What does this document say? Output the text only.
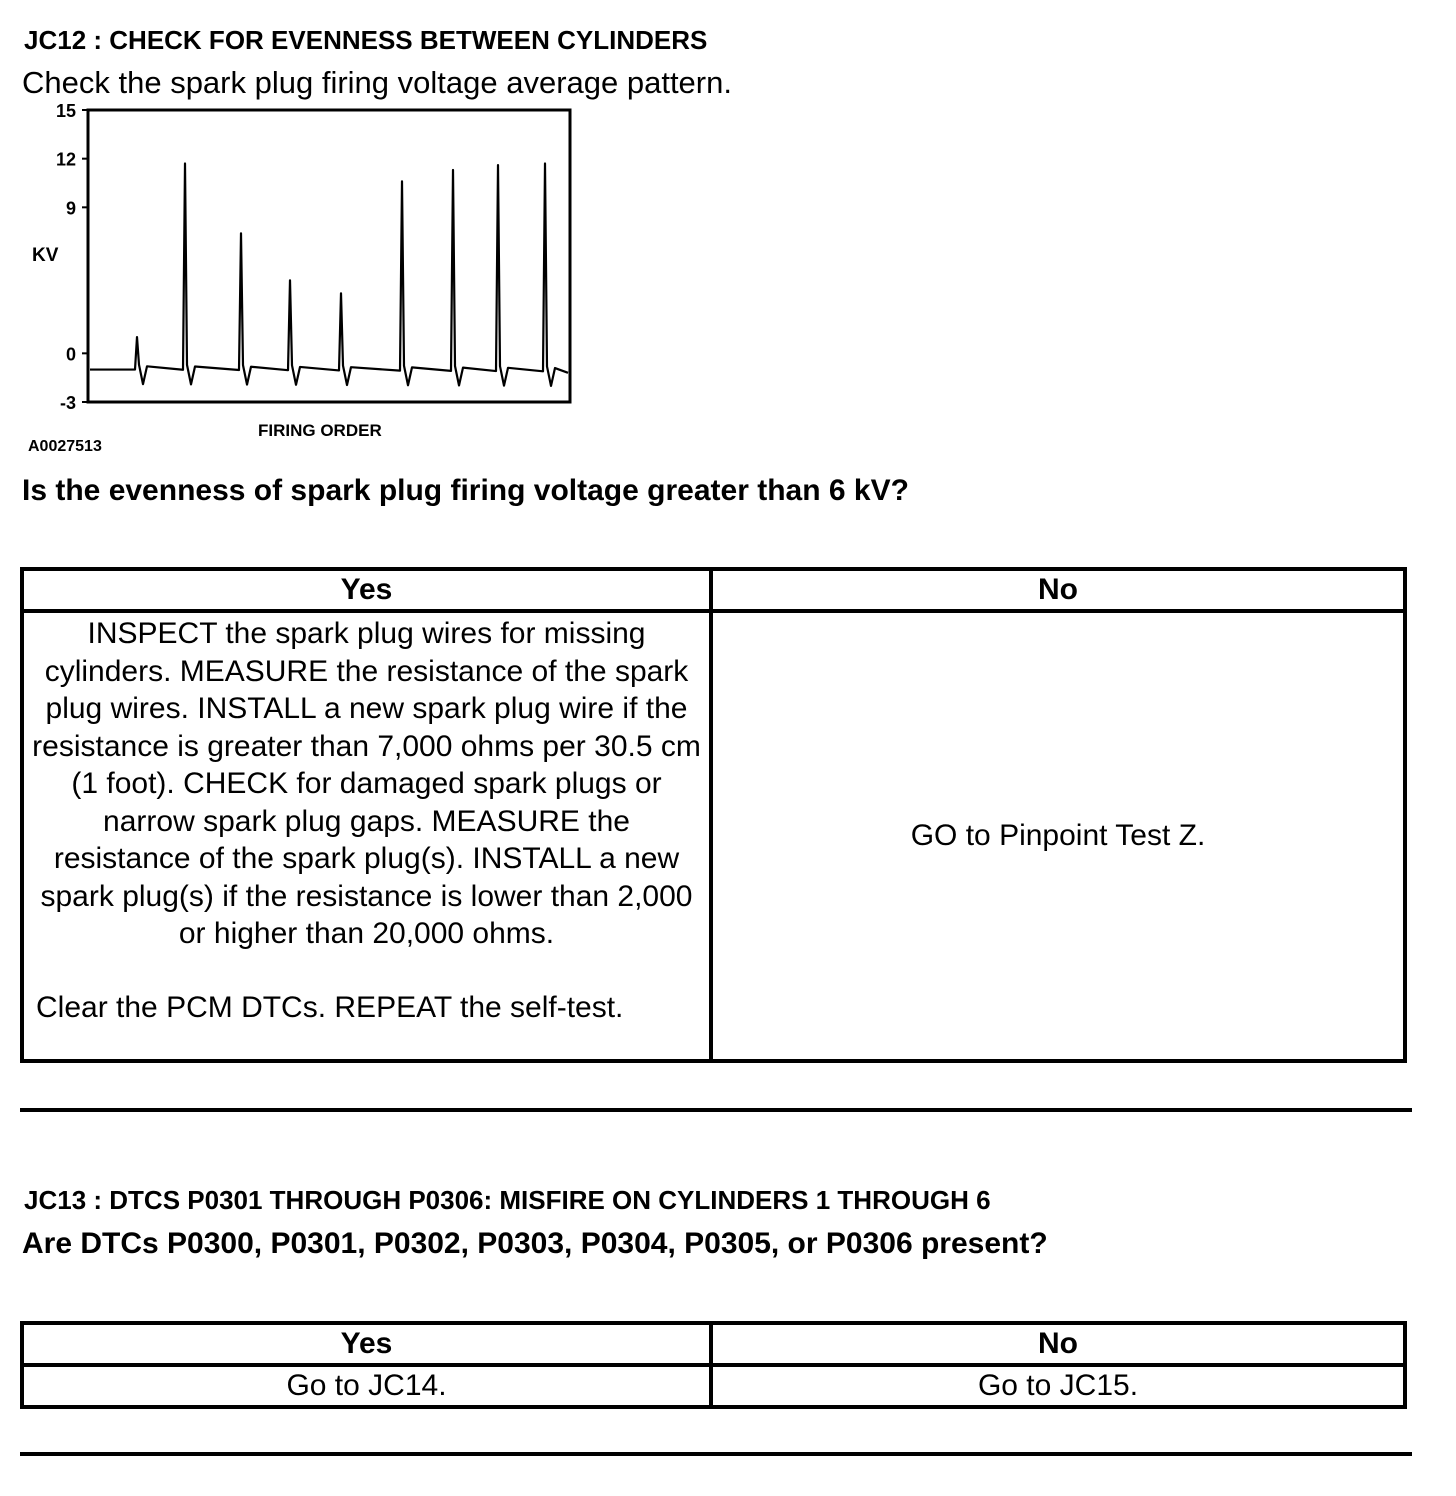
JC12 : CHECK FOR EVENNESS BETWEEN CYLINDERS
Check the spark plug firing voltage average pattern.
15
12
9
0
-3
KV
FIRING ORDER
A0027513
Is the evenness of spark plug firing voltage greater than 6 kV?
Yes	No

INSPECT the spark plug wires for missing cylinders. MEASURE the resistance of the spark plug wires. INSTALL a new spark plug wire if the resistance is greater than 7,000 ohms per 30.5 cm (1 foot). CHECK for damaged spark plugs or narrow spark plug gaps. MEASURE the resistance of the spark plug(s). INSTALL a new spark plug(s) if the resistance is lower than 2,000 or higher than 20,000 ohms.
Clear the PCM DTCs. REPEAT the self-test.	GO to Pinpoint Test Z.
JC13 : DTCS P0301 THROUGH P0306: MISFIRE ON CYLINDERS 1 THROUGH 6
Are DTCs P0300, P0301, P0302, P0303, P0304, P0305, or P0306 present?
Yes	No
Go to JC14.	Go to JC15.
